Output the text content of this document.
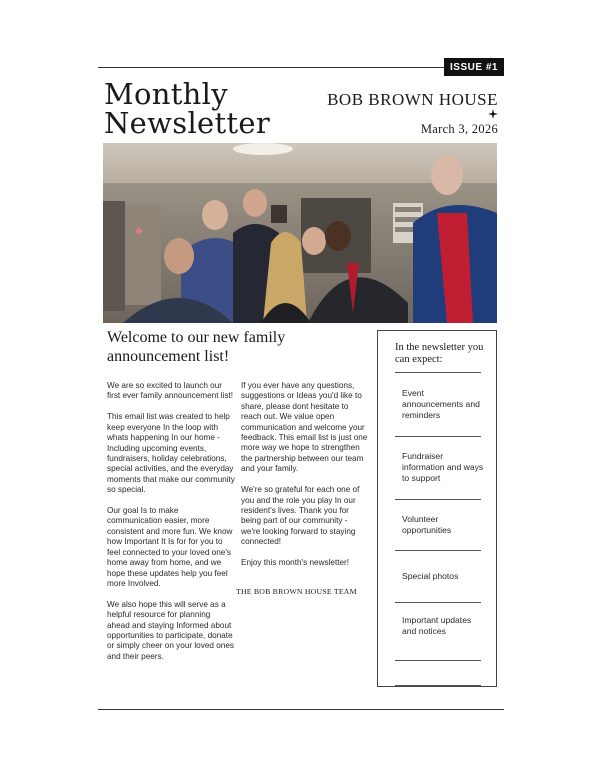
ISSUE #1
Monthly
Newsletter
BOB BROWN HOUSE
March 3, 2026
Welcome to our new family announcement list!

We are so excited to launch our first ever family announcement list!

This email list was created to help keep everyone In the loop with whats happening In our home - Including upcoming events, fundraisers, holiday celebrations, special activities, and the everyday moments that make our community so special.

Our goal Is to make communication easier, more consistent and more fun. We know how Important It Is for for you to feel connected to your loved one's home away from home, and we hope these updates help you feel more Involved.

We also hope this will serve as a helpful resource for planning ahead and staying Informed about opportunities to participate, donate or simply cheer on your loved ones and their peers.

If you ever have any questions, suggestions or Ideas you'd like to share, please dont hesitate to reach out. We value open communication and welcome your feedback. This email list is just one more way we hope to strengthen the partnership between our team and your family.

We're so grateful for each one of you and the role you play In our resident's lives. Thank you for being part of our community - we're looking forward to staying connected!

Enjoy this month's newsletter!

THE BOB BROWN HOUSE TEAM
In the newsletter you can expect:
Event announcements and reminders
Fundraiser information and ways to support
Volunteer opportunities
Special photos
Important updates and notices
